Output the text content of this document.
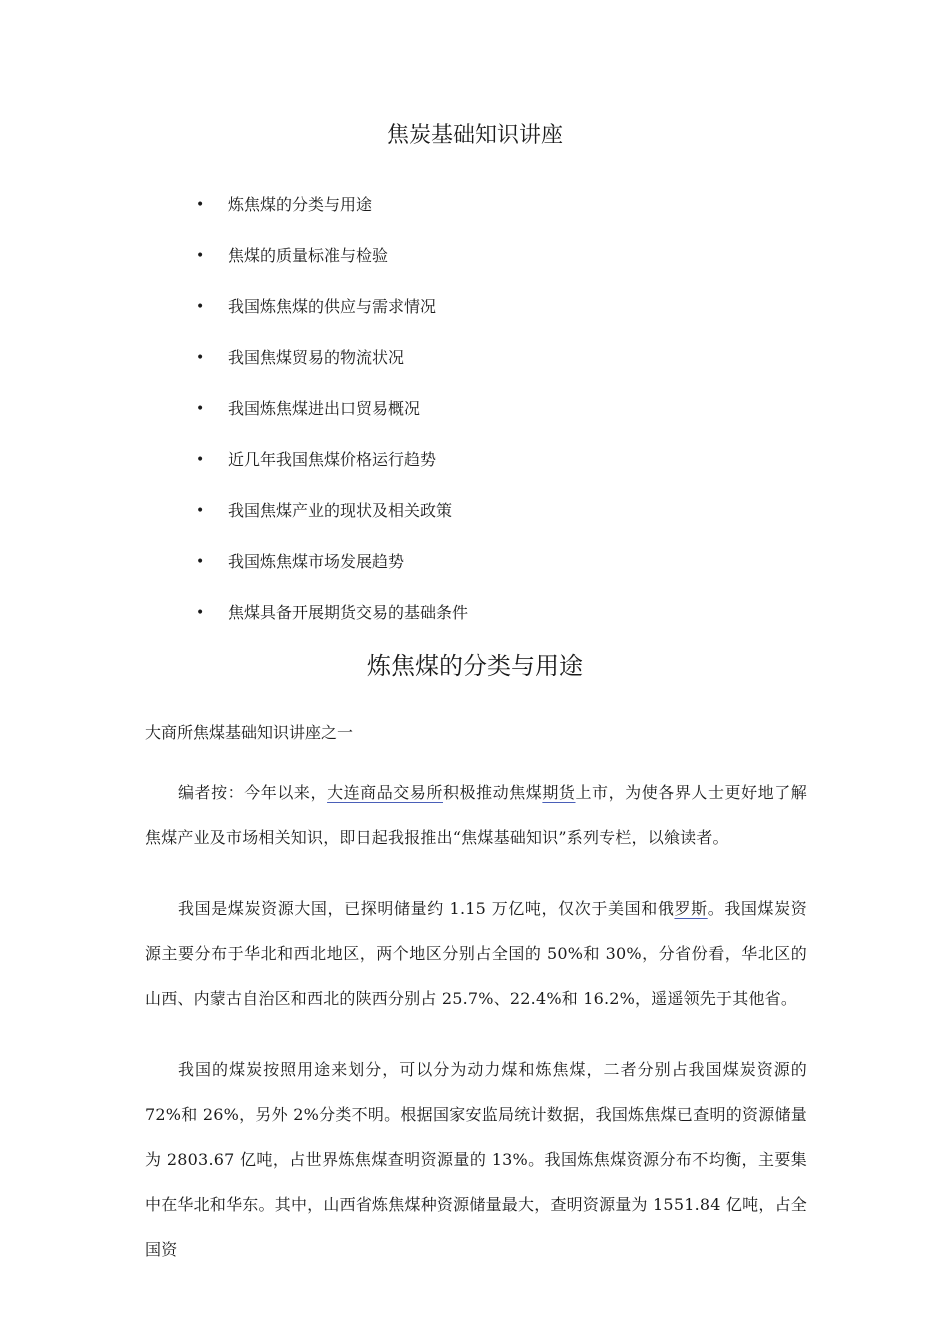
焦炭基础知识讲座
•	炼焦煤的分类与用途
•	焦煤的质量标准与检验
•	我国炼焦煤的供应与需求情况
•	我国焦煤贸易的物流状况
•	我国炼焦煤进出口贸易概况
•	近几年我国焦煤价格运行趋势
•	我国焦煤产业的现状及相关政策
•	我国炼焦煤市场发展趋势
•	焦煤具备开展期货交易的基础条件
炼焦煤的分类与用途
大商所焦煤基础知识讲座之一

编者按：今年以来，大连商品交易所积极推动焦煤期货上市，为使各界人士更好地了解焦煤产业及市场相关知识，即日起我报推出“焦煤基础知识”系列专栏，以飨读者。

我国是煤炭资源大国，已探明储量约 1.15 万亿吨，仅次于美国和俄罗斯。我国煤炭资源主要分布于华北和西北地区，两个地区分别占全国的 50%和 30%，分省份看，华北区的山西、内蒙古自治区和西北的陕西分别占 25.7%、22.4%和 16.2%，遥遥领先于其他省。

我国的煤炭按照用途来划分，可以分为动力煤和炼焦煤，二者分别占我国煤炭资源的 72%和 26%，另外 2%分类不明。根据国家安监局统计数据，我国炼焦煤已查明的资源储量为 2803.67 亿吨，占世界炼焦煤查明资源量的 13%。我国炼焦煤资源分布不均衡，主要集中在华北和华东。其中，山西省炼焦煤种资源储量最大，查明资源量为 1551.84 亿吨，占全国资
